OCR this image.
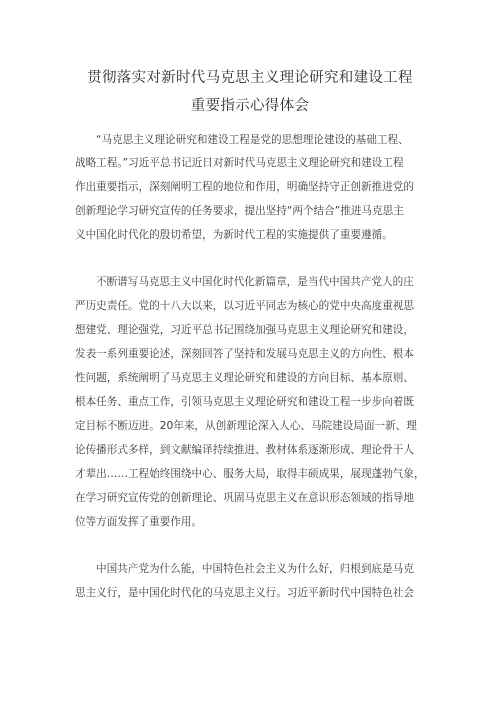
贯彻落实对新时代马克思主义理论研究和建设工程
重要指示心得体会
“马克思主义理论研究和建设工程是党的思想理论建设的基础工程、
战略工程。”习近平总书记近日对新时代马克思主义理论研究和建设工程
作出重要指示，深刻阐明工程的地位和作用，明确坚持守正创新推进党的
创新理论学习研究宣传的任务要求，提出坚持“两个结合”推进马克思主
义中国化时代化的殷切希望，为新时代工程的实施提供了重要遵循。
不断谱写马克思主义中国化时代化新篇章，是当代中国共产党人的庄
严历史责任。党的十八大以来，以习近平同志为核心的党中央高度重视思
想建党、理论强党，习近平总书记围绕加强马克思主义理论研究和建设，
发表一系列重要论述，深刻回答了坚持和发展马克思主义的方向性、根本
性问题，系统阐明了马克思主义理论研究和建设的方向目标、基本原则、
根本任务、重点工作，引领马克思主义理论研究和建设工程一步步向着既
定目标不断迈进。20年来，从创新理论深入人心、马院建设局面一新、理
论传播形式多样，到文献编译持续推进、教材体系逐渐形成、理论骨干人
才辈出……工程始终围绕中心、服务大局，取得丰硕成果，展现蓬勃气象，
在学习研究宣传党的创新理论、巩固马克思主义在意识形态领域的指导地
位等方面发挥了重要作用。
中国共产党为什么能，中国特色社会主义为什么好，归根到底是马克
思主义行，是中国化时代化的马克思主义行。习近平新时代中国特色社会
